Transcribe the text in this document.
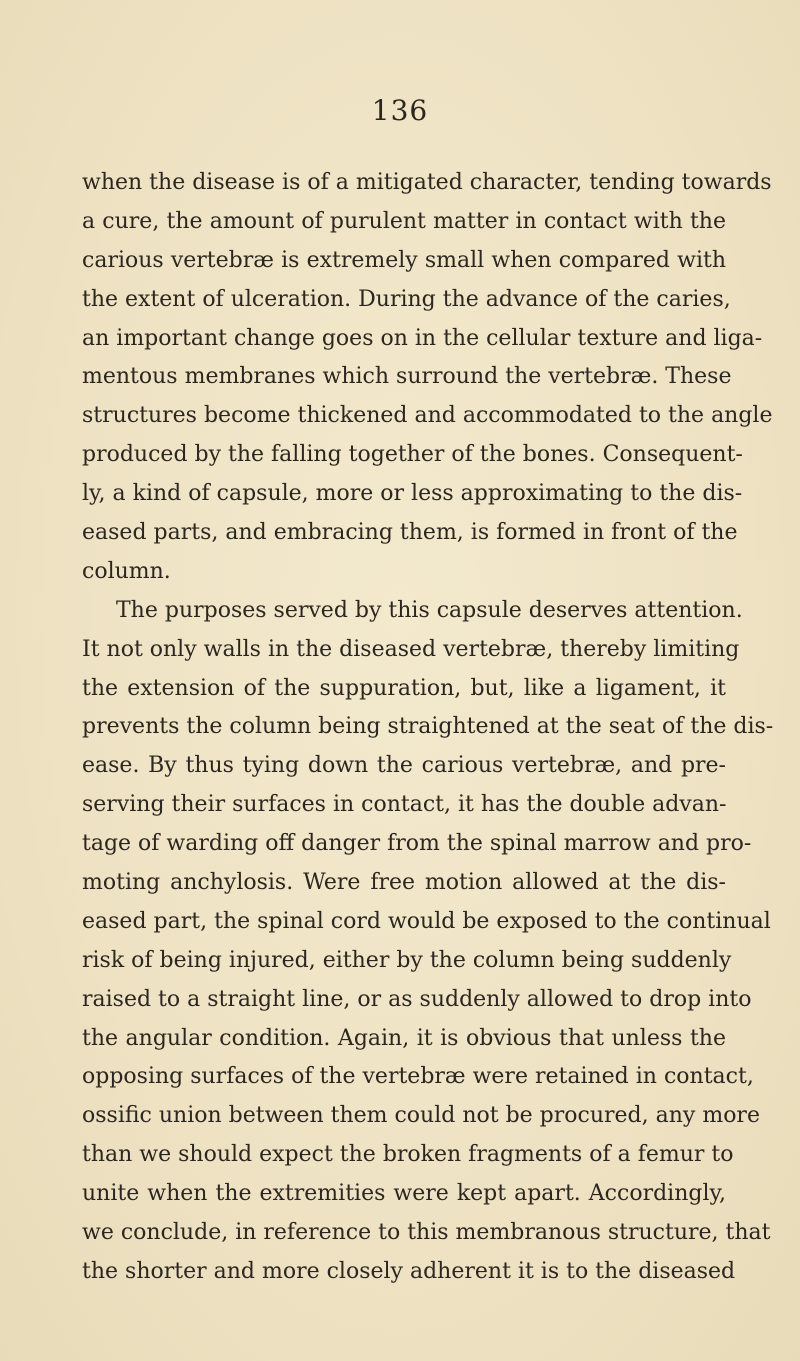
136
when the disease is of a mitigated character, tending towards
a cure, the amount of purulent matter in contact with the
carious vertebræ is extremely small when compared with
the extent of ulceration. During the advance of the caries,
an important change goes on in the cellular texture and liga-
mentous membranes which surround the vertebræ. These
structures become thickened and accommodated to the angle
produced by the falling together of the bones. Consequent-
ly, a kind of capsule, more or less approximating to the dis-
eased parts, and embracing them, is formed in front of the
column.
The purposes served by this capsule deserves attention.
It not only walls in the diseased vertebræ, thereby limiting
the extension of the suppuration, but, like a ligament, it
prevents the column being straightened at the seat of the dis-
ease. By thus tying down the carious vertebræ, and pre-
serving their surfaces in contact, it has the double advan-
tage of warding off danger from the spinal marrow and pro-
moting anchylosis. Were free motion allowed at the dis-
eased part, the spinal cord would be exposed to the continual
risk of being injured, either by the column being suddenly
raised to a straight line, or as suddenly allowed to drop into
the angular condition. Again, it is obvious that unless the
opposing surfaces of the vertebræ were retained in contact,
ossific union between them could not be procured, any more
than we should expect the broken fragments of a femur to
unite when the extremities were kept apart. Accordingly,
we conclude, in reference to this membranous structure, that
the shorter and more closely adherent it is to the diseased
